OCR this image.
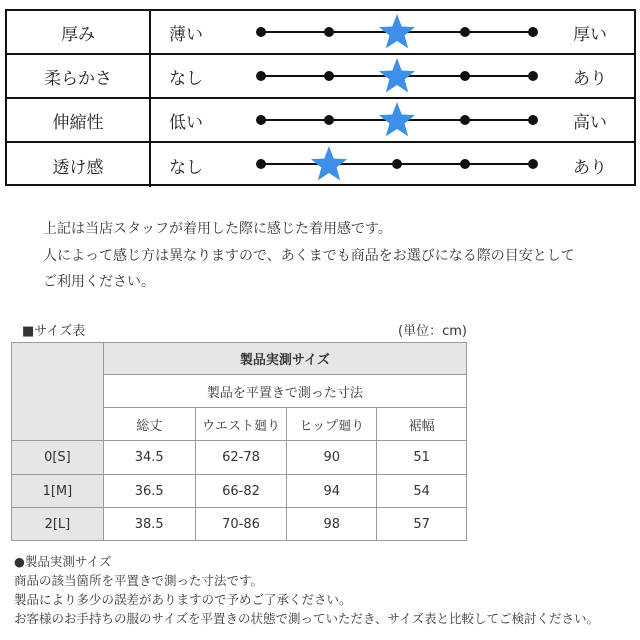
厚み	薄い	厚い
柔らかさ	なし	あり
伸縮性	低い	高い
透け感	なし	あり
上記は当店スタッフが着用した際に感じた着用感です。
人によって感じ方は異なりますので、あくまでも商品をお選びになる際の目安として
ご利用ください。
■サイズ表	(単位：cm)
	製品実測サイズ			
	製品を平置きで測った寸法			
	総丈	ウエスト廻り	ヒップ廻り	裾幅
0[S]	34.5	62-78	90	51
1[M]	36.5	66-82	94	54
2[L]	38.5	70-86	98	57
●製品実測サイズ
商品の該当箇所を平置きで測った寸法です。
製品により多少の誤差がありますので予めご了承ください。
お客様のお手持ちの服のサイズを平置きの状態で測っていただき、サイズ表と比較してご検討ください。
